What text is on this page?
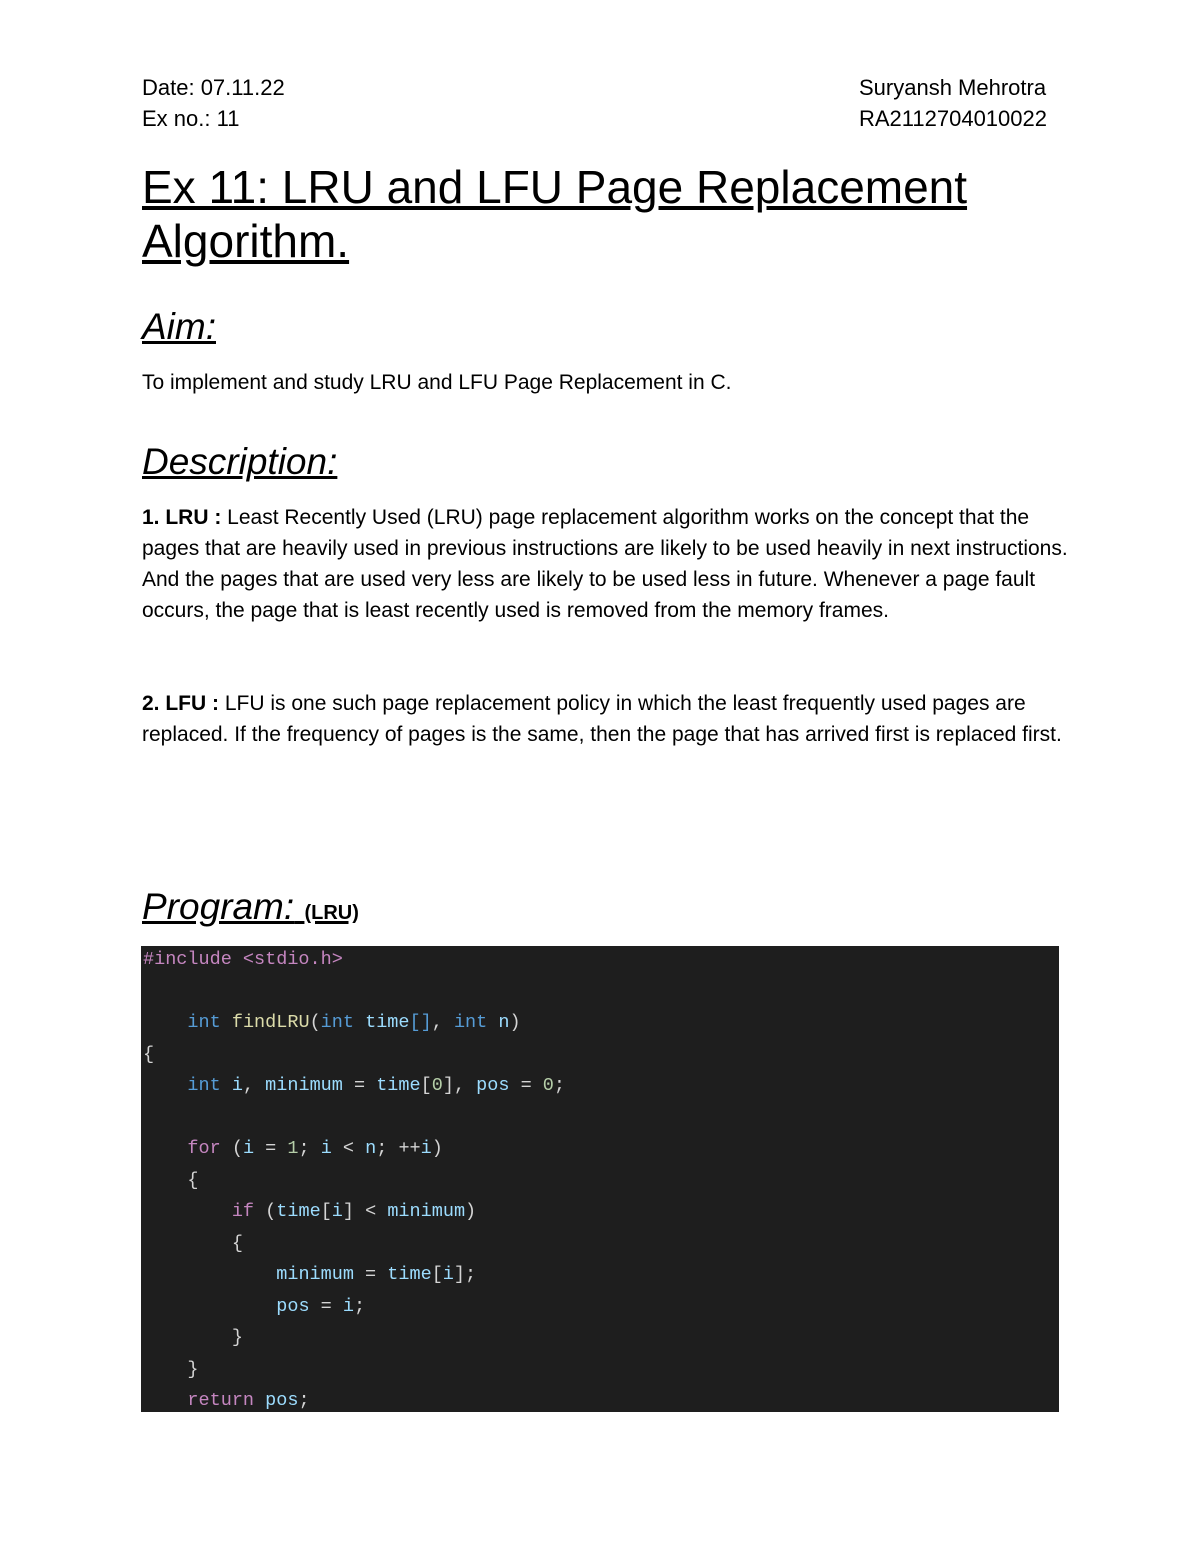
Date: 07.11.22
Ex no.: 11
Suryansh Mehrotra
RA2112704010022
Ex 11: LRU and LFU Page Replacement Algorithm.
Aim:

To implement and study LRU and LFU Page Replacement in C.

Description:

1. LRU : Least Recently Used (LRU) page replacement algorithm works on the concept that the pages that are heavily used in previous instructions are likely to be used heavily in next instructions. And the pages that are used very less are likely to be used less in future. Whenever a page fault occurs, the page that is least recently used is removed from the memory frames.

2. LFU : LFU is one such page replacement policy in which the least frequently used pages are replaced. If the frequency of pages is the same, then the page that has arrived first is replaced first.

Program: (LRU)
#include <stdio.h>

int findLRU(int time[], int n)
{
int i, minimum = time[0], pos = 0;

for (i = 1; i < n; ++i)
{
if (time[i] < minimum)
{
minimum = time[i];
pos = i;
}
}
return pos;
